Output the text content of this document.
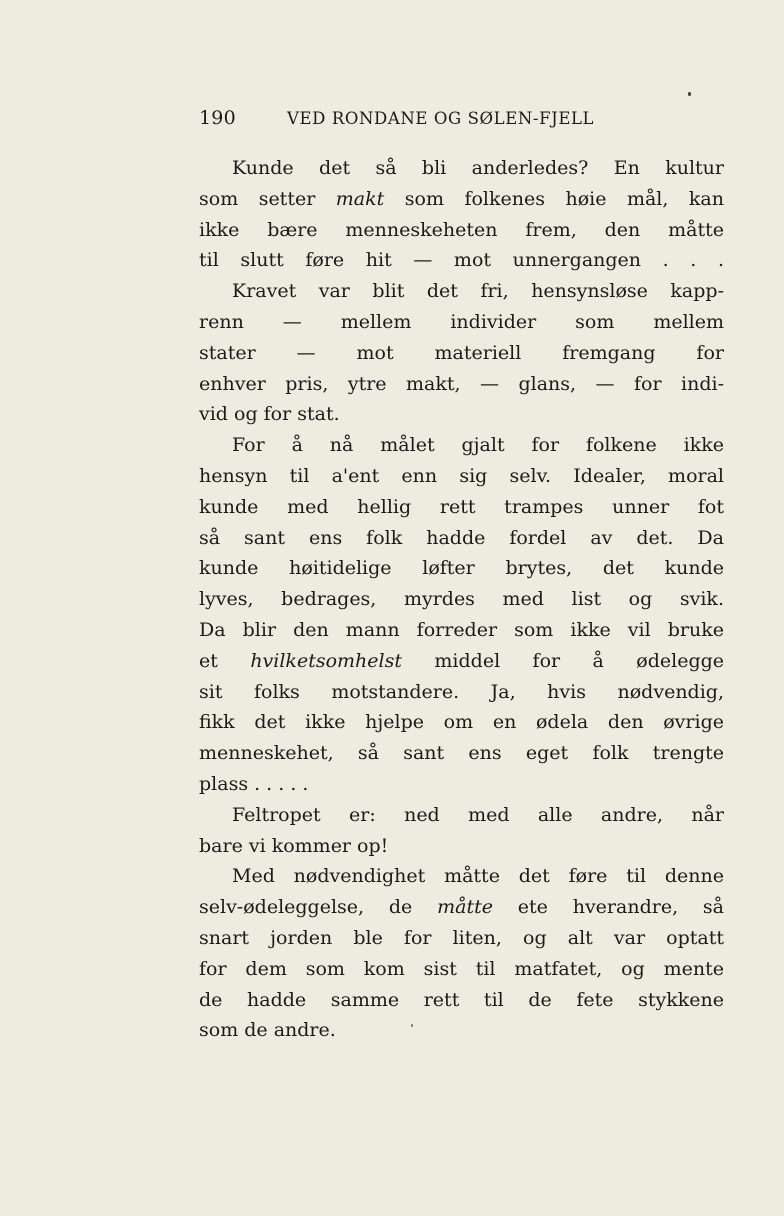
190	VED RONDANE OG SØLEN-FJELL
Kunde det så bli anderledes? En kultur
som setter makt som folkenes høie mål, kan
ikke bære menneskeheten frem, den måtte
til slutt føre hit — mot unnergangen . . .
Kravet var blit det fri, hensynsløse kapp-
renn — mellem individer som mellem
stater — mot materiell fremgang for
enhver pris, ytre makt, — glans, — for indi-
vid og for stat.
For å nå målet gjalt for folkene ikke
hensyn til a'ent enn sig selv. Idealer, moral
kunde med hellig rett trampes unner fot
så sant ens folk hadde fordel av det. Da
kunde høitidelige løfter brytes, det kunde
lyves, bedrages, myrdes med list og svik.
Da blir den mann forreder som ikke vil bruke
et hvilketsomhelst middel for å ødelegge
sit folks motstandere. Ja, hvis nødvendig,
fikk det ikke hjelpe om en ødela den øvrige
menneskehet, så sant ens eget folk trengte
plass . . . . .
Feltropet er: ned med alle andre, når
bare vi kommer op!
Med nødvendighet måtte det føre til denne
selv-ødeleggelse, de måtte ete hverandre, så
snart jorden ble for liten, og alt var optatt
for dem som kom sist til matfatet, og mente
de hadde samme rett til de fete stykkene
som de andre.
